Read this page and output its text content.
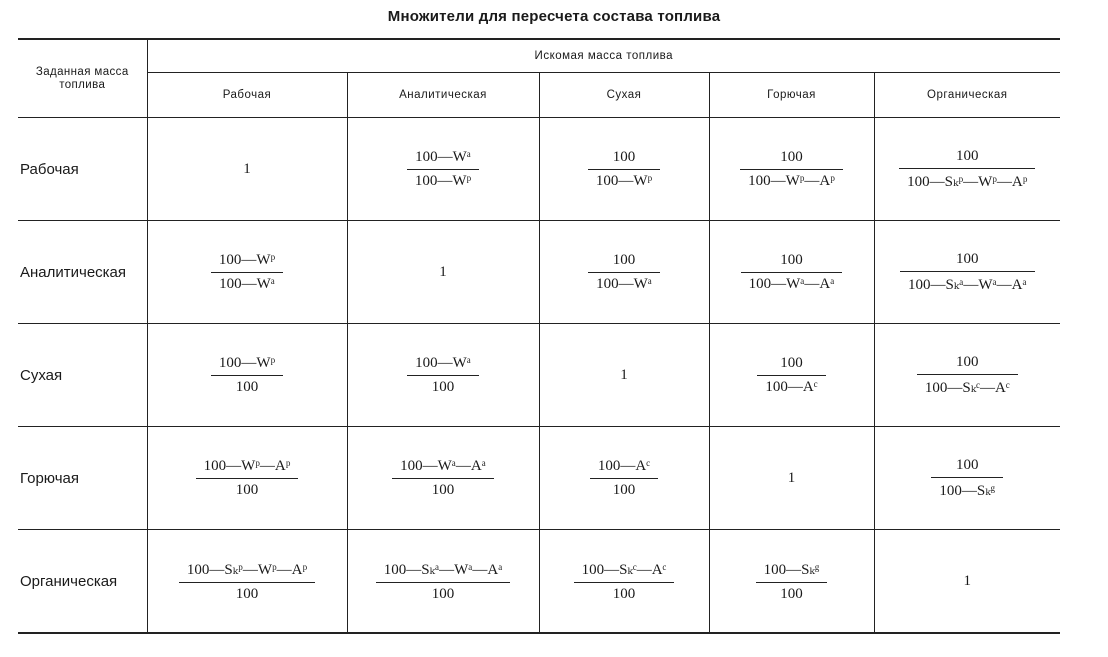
Множители для пересчета состава топлива
Заданная масса топлива	Искомая масса топлива				
	Рабочая	Аналитическая	Сухая	Горючая	Органическая
Рабочая	1	$\frac{\text{100—Wᵃ}}{\text{100—Wᵖ}}$	$\frac{100}{\text{100—Wᵖ}}$	$\frac{100}{\text{100—Wᵖ—Aᵖ}}$	$\frac{100}{\text{100—Sₖᵖ—Wᵖ—Aᵖ}}$

Аналитическая	$\frac{\text{100—Wᵖ}}{\text{100—Wᵃ}}$	1	$\frac{100}{\text{100—Wᵃ}}$	$\frac{100}{\text{100—Wᵃ—Aᵃ}}$	$\frac{100}{\text{100—Sₖᵃ—Wᵃ—Aᵃ}}$

Сухая	$\frac{\text{100—Wᵖ}}{100}$	$\frac{\text{100—Wᵃ}}{100}$	1	$\frac{100}{\text{100—Aᶜ}}$	$\frac{100}{\text{100—Sₖᶜ—Aᶜ}}$

Горючая	$\frac{\text{100—Wᵖ—Aᵖ}}{100}$	$\frac{\text{100—Wᵃ—Aᵃ}}{100}$	$\frac{\text{100—Aᶜ}}{100}$	1	$\frac{100}{\text{100—Sₖᵍ}}$

Органическая	$\frac{\text{100—Sₖᵖ—Wᵖ—Aᵖ}}{100}$	$\frac{\text{100—Sₖᵃ—Wᵃ—Aᵃ}}{100}$	$\frac{\text{100—Sₖᶜ—Aᶜ}}{100}$	$\frac{\text{100—Sₖᵍ}}{100}$	1
